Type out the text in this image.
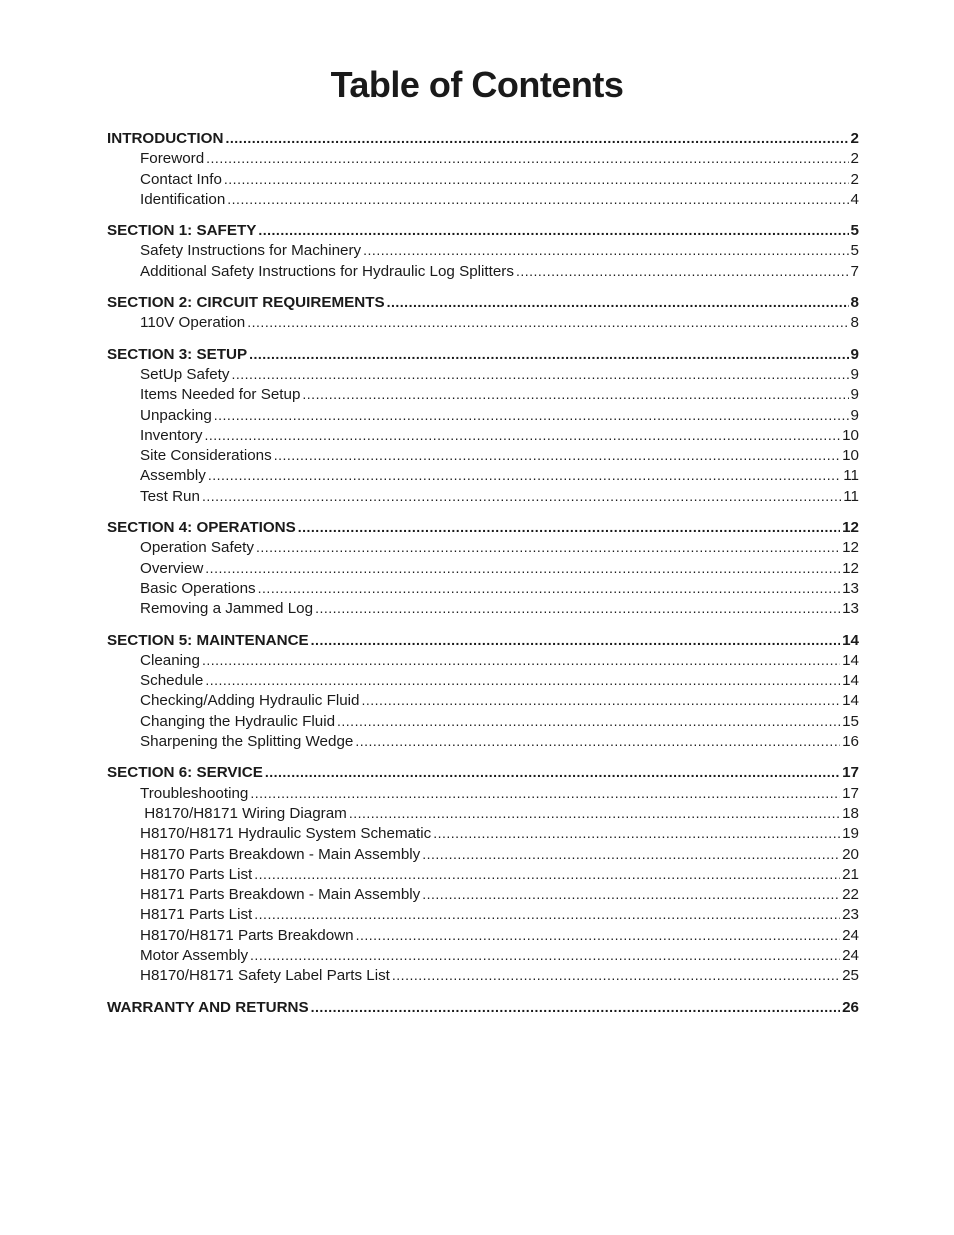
Table of Contents
INTRODUCTION .....	2
Foreword .....	2
Contact Info .....	2
Identification .....	4
SECTION 1: SAFETY .....	5
Safety Instructions for Machinery .....	5
Additional Safety Instructions for Hydraulic Log Splitters .....	7
SECTION 2: CIRCUIT REQUIREMENTS .....	8
110V Operation .....	8
SECTION 3: SETUP .....	9
SetUp Safety .....	9
Items Needed for Setup .....	9
Unpacking .....	9
Inventory .....	10
Site Considerations .....	10
Assembly .....	11
Test Run .....	11
SECTION 4: OPERATIONS .....	12
Operation Safety .....	12
Overview .....	12
Basic Operations .....	13
Removing a Jammed Log .....	13
SECTION 5: MAINTENANCE .....	14
Cleaning .....	14
Schedule .....	14
Checking/Adding Hydraulic Fluid .....	14
Changing the Hydraulic Fluid .....	15
Sharpening the Splitting Wedge .....	16
SECTION 6: SERVICE .....	17
Troubleshooting .....	17
H8170/H8171 Wiring Diagram .....	18
H8170/H8171 Hydraulic System Schematic .....	19
H8170 Parts Breakdown - Main Assembly .....	20
H8170 Parts List .....	21
H8171 Parts Breakdown - Main Assembly .....	22
H8171 Parts List .....	23
H8170/H8171 Parts Breakdown .....	24
Motor Assembly .....	24
H8170/H8171 Safety Label Parts List .....	25
WARRANTY AND RETURNS .....	26
